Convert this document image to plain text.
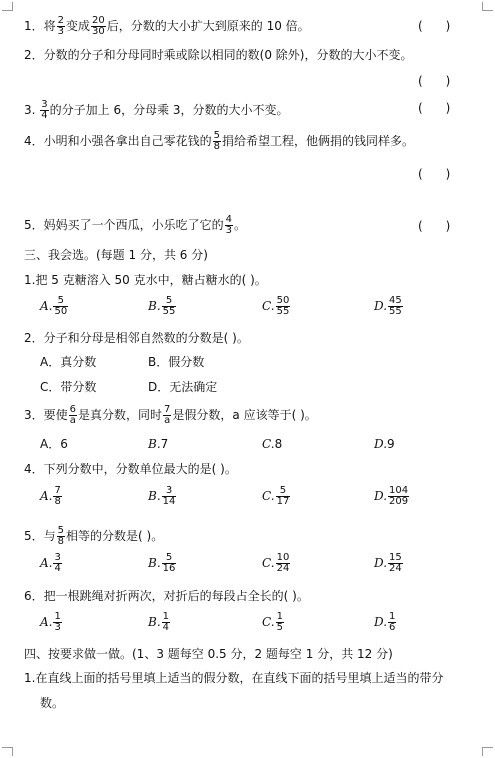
1．将 $\frac{2}{3}$ 变成 $\frac{20}{30}$ 后，分数的大小扩大到原来的 10 倍。	(      )
2．分数的分子和分母同时乘或除以相同的数(0 除外)，分数的大小不变。
(      )
3. $\frac{3}{4}$ 的分子加上 6，分母乘 3，分数的大小不变。	(      )
4．小明和小强各拿出自己零花钱的 $\frac{5}{8}$ 捐给希望工程，他俩捐的钱同样多。
(      )
5．妈妈买了一个西瓜，小乐吃了它的 $\frac{4}{3}$ 。	(      )
三、我会选。(每题 1 分，共 6 分)
1.把 5 克糖溶入 50 克水中，糖占糖水的( )。
A. $\frac{5}{50}$	B. $\frac{5}{55}$	C. $\frac{50}{55}$	D. $\frac{45}{55}$
2．分子和分母是相邻自然数的分数是( )。
A．真分数	B．假分数
C．带分数	D．无法确定
3．要使 $\frac{6}{a}$ 是真分数，同时 $\frac{7}{a}$ 是假分数，a 应该等于( )。
A．6	B.7	C.8	D.9
4．下列分数中，分数单位最大的是( )。
A. $\frac{7}{8}$	B. $\frac{3}{14}$	C. $\frac{5}{17}$	D. $\frac{104}{209}$
5．与 $\frac{5}{8}$ 相等的分数是( )。
A. $\frac{3}{4}$	B. $\frac{5}{16}$	C. $\frac{10}{24}$	D. $\frac{15}{24}$
6．把一根跳绳对折两次，对折后的每段占全长的( )。
A. $\frac{1}{3}$	B. $\frac{1}{4}$	C. $\frac{1}{5}$	D. $\frac{1}{6}$
四、按要求做一做。(1、3 题每空 0.5 分，2 题每空 1 分，共 12 分)
1.在直线上面的括号里填上适当的假分数，在直线下面的括号里填上适当的带分
数。
